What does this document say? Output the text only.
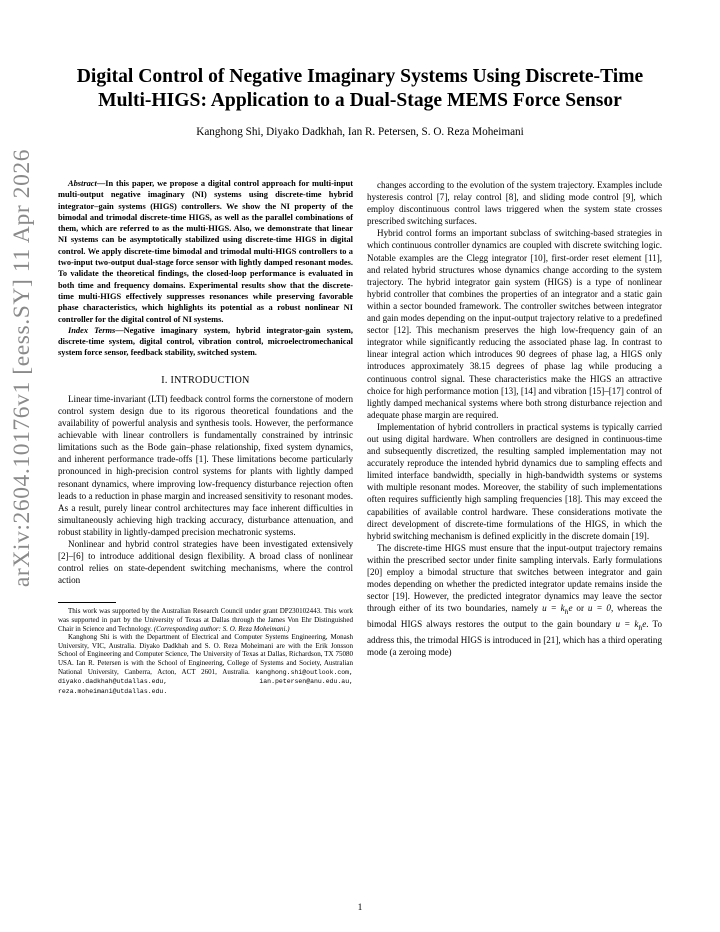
arXiv:2604.10176v1 [eess.SY] 11 Apr 2026
Digital Control of Negative Imaginary Systems Using Discrete-Time
Multi-HIGS: Application to a Dual-Stage MEMS Force Sensor
Kanghong Shi, Diyako Dadkhah, Ian R. Petersen, S. O. Reza Moheimani

Abstract—In this paper, we propose a digital control approach for multi-input multi-output negative imaginary (NI) systems using discrete-time hybrid integrator–gain systems (HIGS) controllers. We show the NI property of the bimodal and trimodal discrete-time HIGS, as well as the parallel combinations of them, which are referred to as the multi-HIGS. Also, we demonstrate that linear NI systems can be asymptotically stabilized using discrete-time HIGS in digital control. We apply discrete-time bimodal and trimodal multi-HIGS controllers to a two-input two-output dual-stage force sensor with lightly damped resonant modes. To validate the theoretical findings, the closed-loop performance is evaluated in both time and frequency domains. Experimental results show that the discrete-time multi-HIGS effectively suppresses resonances while preserving favorable phase characteristics, which highlights its potential as a robust nonlinear NI controller for the digital control of NI systems.

Index Terms—Negative imaginary system, hybrid integrator-gain system, discrete-time system, digital control, vibration control, microelectromechanical system force sensor, feedback stability, switched system.

I. INTRODUCTION

Linear time-invariant (LTI) feedback control forms the cornerstone of modern control system design due to its rigorous theoretical foundations and the availability of powerful analysis and synthesis tools. However, the performance achievable with linear controllers is fundamentally constrained by intrinsic limitations such as the Bode gain–phase relationship, fixed system dynamics, and inherent performance trade-offs [1]. These limitations become particularly pronounced in high-precision control systems for plants with lightly damped resonant dynamics, where improving low-frequency disturbance rejection often leads to a reduction in phase margin and increased sensitivity to resonant modes. As a result, purely linear control architectures may face inherent difficulties in simultaneously achieving high tracking accuracy, disturbance attenuation, and robust stability in lightly-damped precision mechatronic systems.

Nonlinear and hybrid control strategies have been investigated extensively [2]–[6] to introduce additional design flexibility. A broad class of nonlinear control relies on state-dependent switching mechanisms, where the control action

This work was supported by the Australian Research Council under grant DP230102443. This work was supported in part by the University of Texas at Dallas through the James Von Ehr Distinguished Chair in Science and Technology. (Corresponding author: S. O. Reza Moheimani.)

Kanghong Shi is with the Department of Electrical and Computer Systems Engineering, Monash University, VIC, Australia. Diyako Dadkhah and S. O. Reza Moheimani are with the Erik Jonsson School of Engineering and Computer Science, The University of Texas at Dallas, Richardson, TX 75080 USA. Ian R. Petersen is with the School of Engineering, College of Systems and Society, Australian National University, Canberra, Acton, ACT 2601, Australia. kanghong.shi@outlook.com, diyako.dadkhah@utdallas.edu, ian.petersen@anu.edu.au, reza.moheimani@utdallas.edu.

changes according to the evolution of the system trajectory. Examples include hysteresis control [7], relay control [8], and sliding mode control [9], which employ discontinuous control laws triggered when the system state crosses prescribed switching surfaces.

Hybrid control forms an important subclass of switching-based strategies in which continuous controller dynamics are coupled with discrete switching logic. Notable examples are the Clegg integrator [10], first-order reset element [11], and related hybrid structures whose dynamics change according to the system trajectory. The hybrid integrator gain system (HIGS) is a type of nonlinear hybrid controller that combines the properties of an integrator and a static gain within a sector bounded framework. The controller switches between integrator and gain modes depending on the input-output trajectory relative to a predefined sector [12]. This mechanism preserves the high low-frequency gain of an integrator while significantly reducing the associated phase lag. In contrast to linear integral action which introduces 90 degrees of phase lag, a HIGS only introduces approximately 38.15 degrees of phase lag while producing a continuous control signal. These characteristics make the HIGS an attractive choice for high performance motion [13], [14] and vibration [15]–[17] control of lightly damped mechanical systems where both strong disturbance rejection and adequate phase margin are required.

Implementation of hybrid controllers in practical systems is typically carried out using digital hardware. When controllers are designed in continuous-time and subsequently discretized, the resulting sampled implementation may not accurately reproduce the intended hybrid dynamics due to sampling effects and limited interface bandwidth, specially in high-bandwidth systems or systems with multiple resonant modes. Moreover, the stability of such implementations often requires sufficiently high sampling frequencies [18]. This may exceed the capabilities of available control hardware. These considerations motivate the direct development of discrete-time formulations of the HIGS, in which the hybrid switching mechanism is defined explicitly in the discrete domain [19].

The discrete-time HIGS must ensure that the input-output trajectory remains within the prescribed sector under finite sampling intervals. Early formulations [20] employ a bimodal structure that switches between integrator and gain modes depending on whether the predicted integrator update remains inside the sector [19]. However, the predicted integrator dynamics may leave the sector through either of its two boundaries, namely $u = k_he$ or u = 0, whereas the bimodal HIGS always restores the output to the gain boundary $u = k_he$. To address this, the trimodal HIGS is introduced in [21], which has a third operating mode (a zeroing mode)

1
